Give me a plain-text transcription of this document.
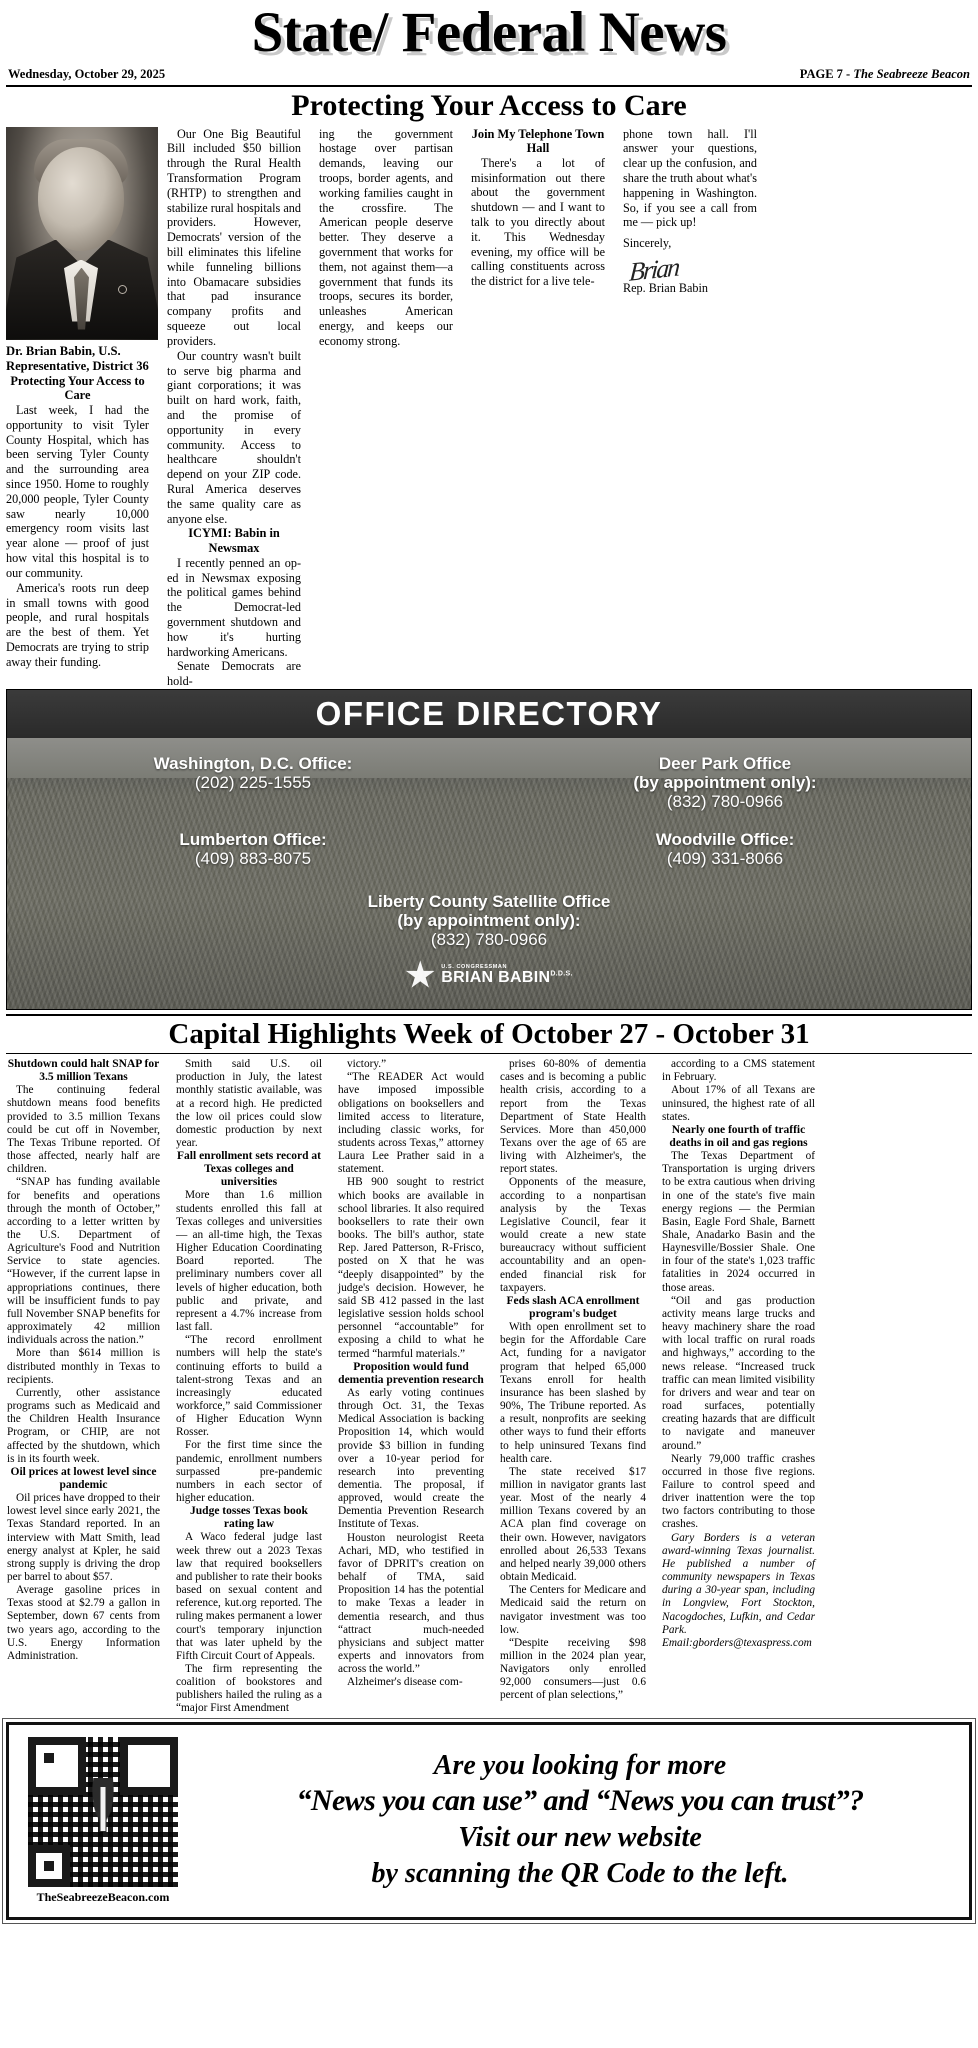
State/ Federal News
Wednesday, October 29, 2025	PAGE 7 - The Seabreeze Beacon
Protecting Your Access to Care
Dr. Brian Babin, U.S. Representative, District 36

Protecting Your Access to Care

Last week, I had the opportunity to visit Tyler County Hospital, which has been serving Tyler County and the surrounding area since 1950. Home to roughly 20,000 people, Tyler County saw nearly 10,000 emergency room visits last year alone — proof of just how vital this hospital is to our community.

America's roots run deep in small towns with good people, and rural hospitals are the best of them. Yet Democrats are trying to strip away their funding.

Our One Big Beautiful Bill included $50 billion through the Rural Health Transformation Program (RHTP) to strengthen and stabilize rural hospitals and providers. However, Democrats' version of the bill eliminates this lifeline while funneling billions into Obamacare subsidies that pad insurance company profits and squeeze out local providers.

Our country wasn't built to serve big pharma and giant corporations; it was built on hard work, faith, and the promise of opportunity in every community. Access to healthcare shouldn't depend on your ZIP code. Rural America deserves the same quality care as anyone else.

ICYMI: Babin in Newsmax

I recently penned an op-ed in Newsmax exposing the political games behind the Democrat-led government shutdown and how it's hurting hardworking Americans.

Senate Democrats are hold-

ing the government hostage over partisan demands, leaving our troops, border agents, and working families caught in the crossfire. The American people deserve better. They deserve a government that works for them, not against them—a government that funds its troops, secures its border, unleashes American energy, and keeps our economy strong.

Join My Telephone Town Hall

There's a lot of misinformation out there about the government shutdown — and I want to talk to you directly about it. This Wednesday evening, my office will be calling constituents across the district for a live tele-

phone town hall. I'll answer your questions, clear up the confusion, and share the truth about what's happening in Washington. So, if you see a call from me — pick up!

Sincerely,

Brian
Rep. Brian Babin
OFFICE DIRECTORY
Washington, D.C. Office:
(202) 225-1555
Deer Park Office
(by appointment only):
(832) 780-0966
Lumberton Office:
(409) 883-8075
Woodville Office:
(409) 331-8066
Liberty County Satellite Office
(by appointment only):
(832) 780-0966
U.S. CONGRESSMAN
BRIAN $BABIN^{D.D.S.}$
Capital Highlights Week of October 27 - October 31

Shutdown could halt SNAP for 3.5 million Texans

The continuing federal shutdown means food benefits provided to 3.5 million Texans could be cut off in November, The Texas Tribune reported. Of those affected, nearly half are children.

“SNAP has funding available for benefits and operations through the month of October,” according to a letter written by the U.S. Department of Agriculture's Food and Nutrition Service to state agencies. “However, if the current lapse in appropriations continues, there will be insufficient funds to pay full November SNAP benefits for approximately 42 million individuals across the nation.”

More than $614 million is distributed monthly in Texas to recipients.

Currently, other assistance programs such as Medicaid and the Children Health Insurance Program, or CHIP, are not affected by the shutdown, which is in its fourth week.

Oil prices at lowest level since pandemic

Oil prices have dropped to their lowest level since early 2021, the Texas Standard reported. In an interview with Matt Smith, lead energy analyst at Kpler, he said strong supply is driving the drop per barrel to about $57.

Average gasoline prices in Texas stood at $2.79 a gallon in September, down 67 cents from two years ago, according to the U.S. Energy Information Administration.

Smith said U.S. oil production in July, the latest monthly statistic available, was at a record high. He predicted the low oil prices could slow domestic production by next year.

Fall enrollment sets record at Texas colleges and universities

More than 1.6 million students enrolled this fall at Texas colleges and universities — an all-time high, the Texas Higher Education Coordinating Board reported. The preliminary numbers cover all levels of higher education, both public and private, and represent a 4.7% increase from last fall.

“The record enrollment numbers will help the state's continuing efforts to build a talent-strong Texas and an increasingly educated workforce,” said Commissioner of Higher Education Wynn Rosser.

For the first time since the pandemic, enrollment numbers surpassed pre-pandemic numbers in each sector of higher education.

Judge tosses Texas book rating law

A Waco federal judge last week threw out a 2023 Texas law that required booksellers and publisher to rate their books based on sexual content and reference, kut.org reported. The ruling makes permanent a lower court's temporary injunction that was later upheld by the Fifth Circuit Court of Appeals.

The firm representing the coalition of bookstores and publishers hailed the ruling as a “major First Amendment

victory.”

“The READER Act would have imposed impossible obligations on booksellers and limited access to literature, including classic works, for students across Texas,” attorney Laura Lee Prather said in a statement.

HB 900 sought to restrict which books are available in school libraries. It also required booksellers to rate their own books. The bill's author, state Rep. Jared Patterson, R-Frisco, posted on X that he was “deeply disappointed” by the judge's decision. However, he said SB 412 passed in the last legislative session holds school personnel “accountable” for exposing a child to what he termed “harmful materials.”

Proposition would fund dementia prevention research

As early voting continues through Oct. 31, the Texas Medical Association is backing Proposition 14, which would provide $3 billion in funding over a 10-year period for research into preventing dementia. The proposal, if approved, would create the Dementia Prevention Research Institute of Texas.

Houston neurologist Reeta Achari, MD, who testified in favor of DPRIT's creation on behalf of TMA, said Proposition 14 has the potential to make Texas a leader in dementia research, and thus “attract much-needed physicians and subject matter experts and innovators from across the world.”

Alzheimer's disease com-

prises 60-80% of dementia cases and is becoming a public health crisis, according to a report from the Texas Department of State Health Services. More than 450,000 Texans over the age of 65 are living with Alzheimer's, the report states.

Opponents of the measure, according to a nonpartisan analysis by the Texas Legislative Council, fear it would create a new state bureaucracy without sufficient accountability and an open-ended financial risk for taxpayers.

Feds slash ACA enrollment program's budget

With open enrollment set to begin for the Affordable Care Act, funding for a navigator program that helped 65,000 Texans enroll for health insurance has been slashed by 90%, The Tribune reported. As a result, nonprofits are seeking other ways to fund their efforts to help uninsured Texans find health care.

The state received $17 million in navigator grants last year. Most of the nearly 4 million Texans covered by an ACA plan find coverage on their own. However, navigators enrolled about 26,533 Texans and helped nearly 39,000 others obtain Medicaid.

The Centers for Medicare and Medicaid said the return on navigator investment was too low.

“Despite receiving $98 million in the 2024 plan year, Navigators only enrolled 92,000 consumers—just 0.6 percent of plan selections,”

according to a CMS statement in February.

About 17% of all Texans are uninsured, the highest rate of all states.

Nearly one fourth of traffic deaths in oil and gas regions

The Texas Department of Transportation is urging drivers to be extra cautious when driving in one of the state's five main energy regions — the Permian Basin, Eagle Ford Shale, Barnett Shale, Anadarko Basin and the Haynesville/Bossier Shale. One in four of the state's 1,023 traffic fatalities in 2024 occurred in those areas.

“Oil and gas production activity means large trucks and heavy machinery share the road with local traffic on rural roads and highways,” according to the news release. “Increased truck traffic can mean limited visibility for drivers and wear and tear on road surfaces, potentially creating hazards that are difficult to navigate and maneuver around.”

Nearly 79,000 traffic crashes occurred in those five regions. Failure to control speed and driver inattention were the top two factors contributing to those crashes.

Gary Borders is a veteran award-winning Texas journalist. He published a number of community newspapers in Texas during a 30-year span, including in Longview, Fort Stockton, Nacogdoches, Lufkin, and Cedar Park. Email:gborders@texaspress.com

TheSeabreezeBeacon.com
Are you looking for more
“News you can use” and “News you can trust”?
Visit our new website
by scanning the QR Code to the left.
